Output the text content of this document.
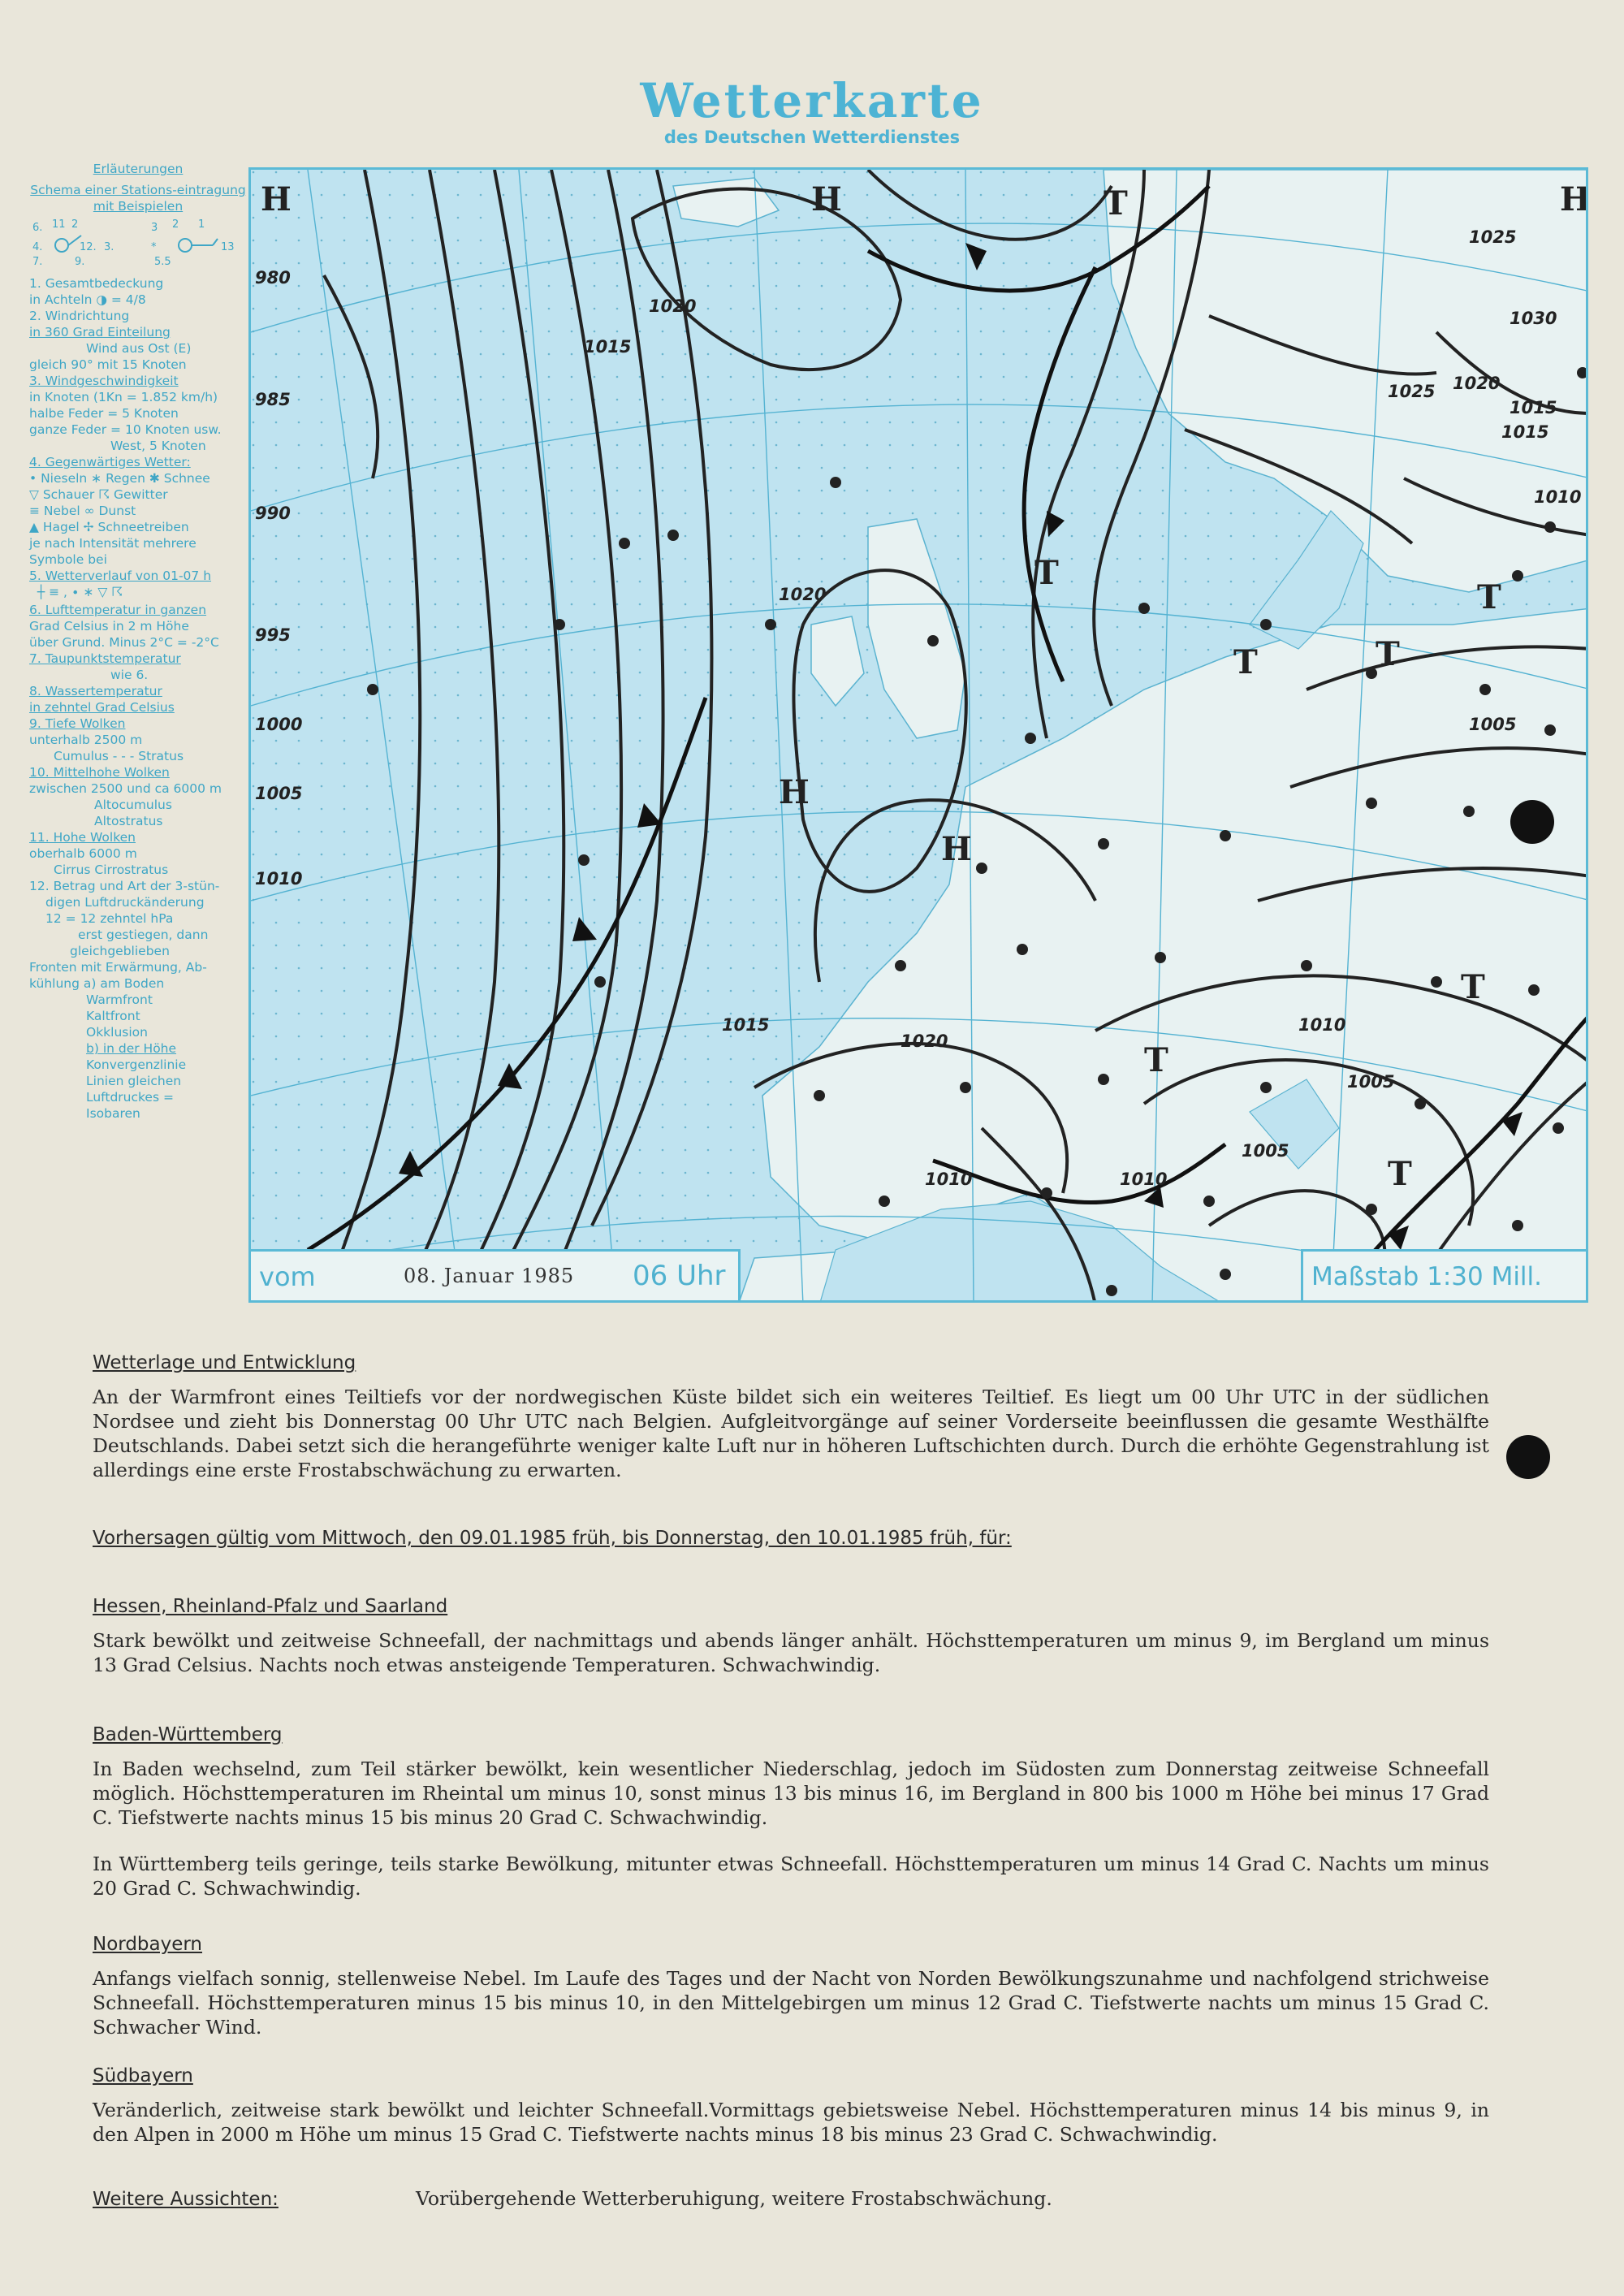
Wetterkarte
des Deutschen Wetterdienstes

Erläuterungen

Schema einer Stations-eintragung mit Beispielen

6. 11 2
4.	12. 3.
7.	9.
3 2 1
*
5.5
13

1. Gesamtbedeckung

in Achteln ◑ = 4/8

2. Windrichtung

in 360 Grad Einteilung

Wind aus Ost (E)

gleich 90° mit 15 Knoten

3. Windgeschwindigkeit

in Knoten (1Kn = 1.852 km/h)

halbe Feder = 5 Knoten

ganze Feder = 10 Knoten usw.

West, 5 Knoten

4. Gegenwärtiges Wetter:

• Nieseln ∗ Regen ✱ Schnee

▽ Schauer ☈ Gewitter

≡ Nebel ∞ Dunst

▲ Hagel ✢ Schneetreiben

je nach Intensität mehrere

Symbole bei

5. Wetterverlauf von 01-07 h

┼ ≡ , ∙ ∗ ▽ ☈

6. Lufttemperatur in ganzen

Grad Celsius in 2 m Höhe

über Grund. Minus 2°C = -2°C

7. Taupunktstemperatur

wie 6.

8. Wassertemperatur

in zehntel Grad Celsius

9. Tiefe Wolken

unterhalb 2500 m

Cumulus - - - Stratus

10. Mittelhohe Wolken

zwischen 2500 und ca 6000 m

Altocumulus

Altostratus

11. Hohe Wolken

oberhalb 6000 m

Cirrus Cirrostratus

12. Betrag und Art der 3-stün-

digen Luftdruckänderung

12 = 12 zehntel hPa

erst gestiegen, dann

gleichgeblieben

Fronten mit Erwärmung, Ab-

kühlung a) am Boden

Warmfront

Kaltfront

Okklusion

b) in der Höhe

Konvergenzlinie

Linien gleichen

Luftdruckes =

Isobaren

H	H	H
H
H
T
T
T
T
T
T
T
T
980
985
990
995
1000
1005
1010
1015
1020
1025
1030
1020
1015	1010
1005
1020
1025
1015
1020
1010
1005
1015
1010
1005
1010
vom	08. Januar 1985 06 Uhr	Maßstab 1:30 Mill.
Wetterlage und Entwicklung
An der Warmfront eines Teiltiefs vor der nordwegischen Küste bildet sich ein weiteres Teiltief. Es liegt um 00 Uhr UTC in der südlichen Nordsee und zieht bis Donnerstag 00 Uhr UTC nach Belgien. Aufgleitvorgänge auf seiner Vorderseite beeinflussen die gesamte Westhälfte Deutschlands. Dabei setzt sich die herangeführte weniger kalte Luft nur in höheren Luftschichten durch. Durch die erhöhte Gegenstrahlung ist allerdings eine erste Frostabschwächung zu erwarten.
Vorhersagen gültig vom Mittwoch, den 09.01.1985 früh, bis Donnerstag, den 10.01.1985 früh, für:
Hessen, Rheinland-Pfalz und Saarland
Stark bewölkt und zeitweise Schneefall, der nachmittags und abends länger anhält. Höchsttemperaturen um minus 9, im Bergland um minus 13 Grad Celsius. Nachts noch etwas ansteigende Temperaturen. Schwachwindig.
Baden-Württemberg
In Baden wechselnd, zum Teil stärker bewölkt, kein wesentlicher Niederschlag, jedoch im Südosten zum Donnerstag zeitweise Schneefall möglich. Höchsttemperaturen im Rheintal um minus 10, sonst minus 13 bis minus 16, im Bergland in 800 bis 1000 m Höhe bei minus 17 Grad C. Tiefstwerte nachts minus 15 bis minus 20 Grad C. Schwachwindig.
In Württemberg teils geringe, teils starke Bewölkung, mitunter etwas Schneefall. Höchsttemperaturen um minus 14 Grad C. Nachts um minus 20 Grad C. Schwachwindig.
Nordbayern
Anfangs vielfach sonnig, stellenweise Nebel. Im Laufe des Tages und der Nacht von Norden Bewölkungszunahme und nachfolgend strichweise Schneefall. Höchsttemperaturen minus 15 bis minus 10, in den Mittelgebirgen um minus 12 Grad C. Tiefstwerte nachts um minus 15 Grad C. Schwacher Wind.
Südbayern
Veränderlich, zeitweise stark bewölkt und leichter Schneefall.Vormittags gebietsweise Nebel. Höchsttemperaturen minus 14 bis minus 9, in den Alpen in 2000 m Höhe um minus 15 Grad C. Tiefstwerte nachts minus 18 bis minus 23 Grad C. Schwachwindig.
Weitere Aussichten:	Vorübergehende Wetterberuhigung, weitere Frostabschwächung.
